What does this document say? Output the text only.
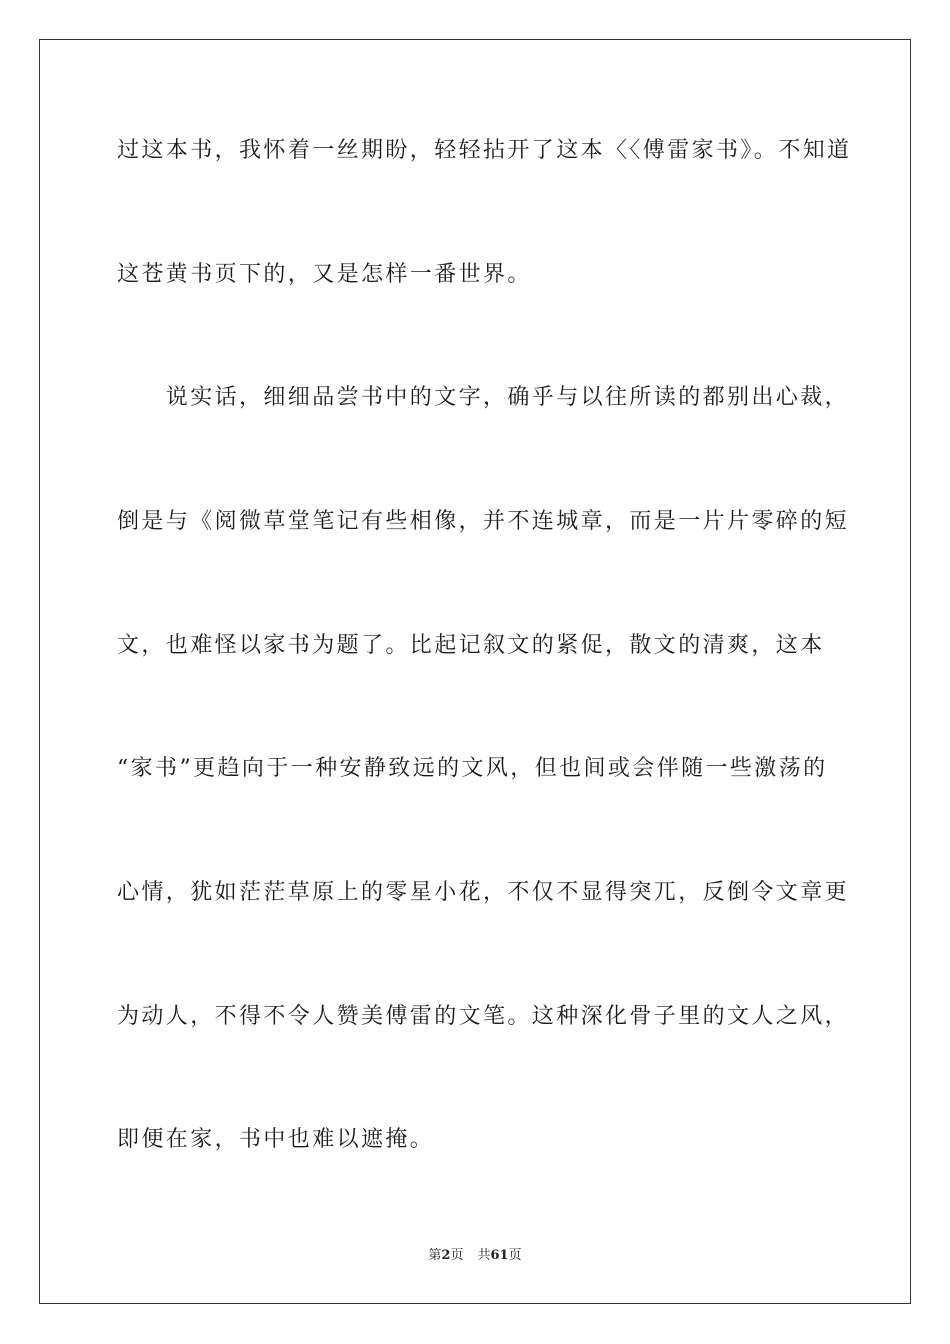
过这本书，我怀着一丝期盼，轻轻拈开了这本〈〈傅雷家书》。不知道
这苍黄书页下的，又是怎样一番世界。
　　说实话，细细品尝书中的文字，确乎与以往所读的都别出心裁，
倒是与《阅微草堂笔记有些相像，并不连城章，而是一片片零碎的短
文，也难怪以家书为题了。比起记叙文的紧促，散文的清爽，这本
“家书”更趋向于一种安静致远的文风，但也间或会伴随一些激荡的
心情，犹如茫茫草原上的零星小花，不仅不显得突兀，反倒令文章更
为动人，不得不令人赞美傅雷的文笔。这种深化骨子里的文人之风，
即便在家，书中也难以遮掩。
第2页 共61页
